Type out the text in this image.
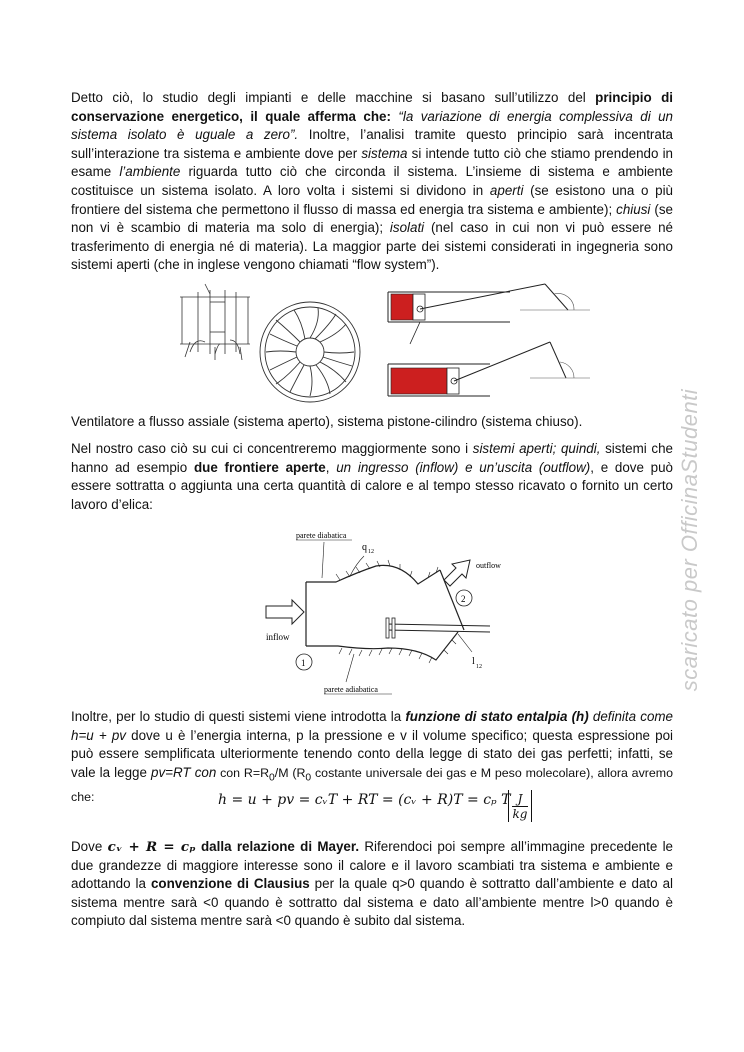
Detto ciò, lo studio degli impianti e delle macchine si basano sull’utilizzo del principio di conservazione energetico, il quale afferma che: “la variazione di energia complessiva di un sistema isolato è uguale a zero”. Inoltre, l’analisi tramite questo principio sarà incentrata sull’interazione tra sistema e ambiente dove per sistema si intende tutto ciò che stiamo prendendo in esame l’ambiente riguarda tutto ciò che circonda il sistema. L’insieme di sistema e ambiente costituisce un sistema isolato. A loro volta i sistemi si dividono in aperti (se esistono una o più frontiere del sistema che permettono il flusso di massa ed energia tra sistema e ambiente); chiusi (se non vi è scambio di materia ma solo di energia); isolati (nel caso in cui non vi può essere né trasferimento di energia né di materia). La maggior parte dei sistemi considerati in ingegneria sono sistemi aperti (che in inglese vengono chiamati “flow system”).

Ventilatore a flusso assiale (sistema aperto), sistema pistone-cilindro (sistema chiuso).

Nel nostro caso ciò su cui ci concentreremo maggiormente sono i sistemi aperti; quindi, sistemi che hanno ad esempio due frontiere aperte, un ingresso (inflow) e un’uscita (outflow), e dove può essere sottratta o aggiunta una certa quantità di calore e al tempo stesso ricavato o fornito un certo lavoro d’elica:

parete diabatica
q 12
inflow
outflow
l 12
1
2
parete adiabatica

Inoltre, per lo studio di questi sistemi viene introdotta la funzione di stato entalpia (h) definita come h=u + pv dove u è l’energia interna, p la pressione e v il volume specifico; questa espressione poi può essere semplificata ulteriormente tenendo conto della legge di stato dei gas perfetti; infatti, se vale la legge pv=RT con con $R=R_0/M$ ($R_0$ costante universale dei gas e M peso molecolare), allora avremo che:	h = u + pv = cᵥT + RT = (cᵥ + R)T = cₚ T
$\frac{J}{kg}$

Dove cᵥ + R = cₚ dalla relazione di Mayer. Riferendoci poi sempre all’immagine precedente le due grandezze di maggiore interesse sono il calore e il lavoro scambiati tra sistema e ambiente e adottando la convenzione di Clausius per la quale q>0 quando è sottratto dall’ambiente e dato al sistema mentre sarà <0 quando è sottratto dal sistema e dato all’ambiente mentre l>0 quando è compiuto dal sistema mentre sarà <0 quando è subito dal sistema.

scaricato per OfficinaStudenti
